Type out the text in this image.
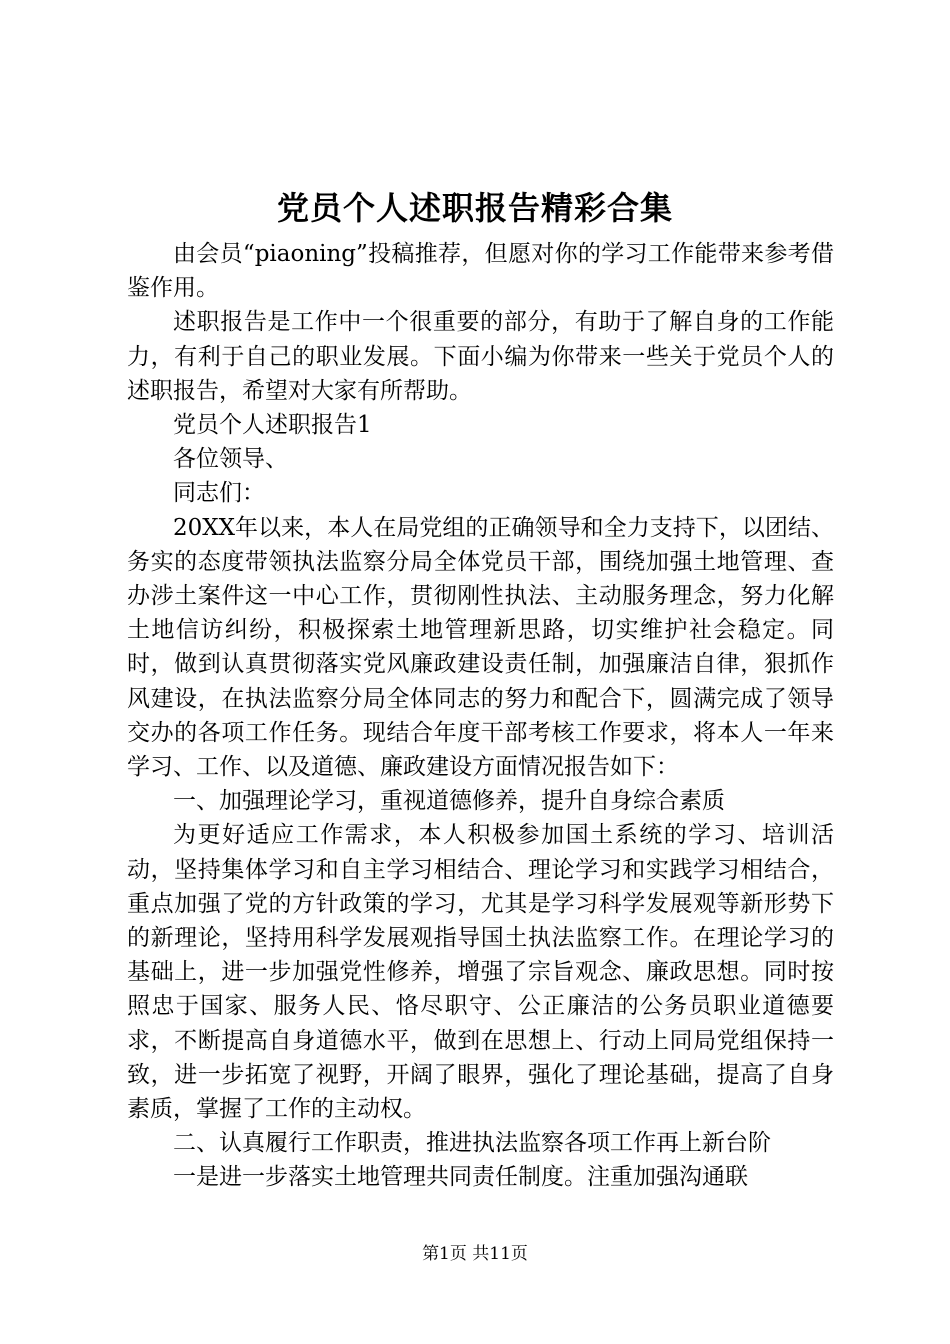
党员个人述职报告精彩合集

由会员“piaoning”投稿推荐，但愿对你的学习工作能带来参考借鉴作用。

述职报告是工作中一个很重要的部分，有助于了解自身的工作能力，有利于自己的职业发展。下面小编为你带来一些关于党员个人的述职报告，希望对大家有所帮助。

党员个人述职报告1

各位领导、

同志们：

20XX年以来，本人在局党组的正确领导和全力支持下，以团结、务实的态度带领执法监察分局全体党员干部，围绕加强土地管理、查办涉土案件这一中心工作，贯彻刚性执法、主动服务理念，努力化解土地信访纠纷，积极探索土地管理新思路，切实维护社会稳定。同时，做到认真贯彻落实党风廉政建设责任制，加强廉洁自律，狠抓作风建设，在执法监察分局全体同志的努力和配合下，圆满完成了领导交办的各项工作任务。现结合年度干部考核工作要求，将本人一年来学习、工作、以及道德、廉政建设方面情况报告如下：

一、加强理论学习，重视道德修养，提升自身综合素质

为更好适应工作需求，本人积极参加国土系统的学习、培训活动，坚持集体学习和自主学习相结合、理论学习和实践学习相结合，重点加强了党的方针政策的学习，尤其是学习科学发展观等新形势下的新理论，坚持用科学发展观指导国土执法监察工作。在理论学习的基础上，进一步加强党性修养，增强了宗旨观念、廉政思想。同时按照忠于国家、服务人民、恪尽职守、公正廉洁的公务员职业道德要求，不断提高自身道德水平，做到在思想上、行动上同局党组保持一致，进一步拓宽了视野，开阔了眼界，强化了理论基础，提高了自身素质，掌握了工作的主动权。

二、认真履行工作职责，推进执法监察各项工作再上新台阶

一是进一步落实土地管理共同责任制度。注重加强沟通联

第1页 共11页
